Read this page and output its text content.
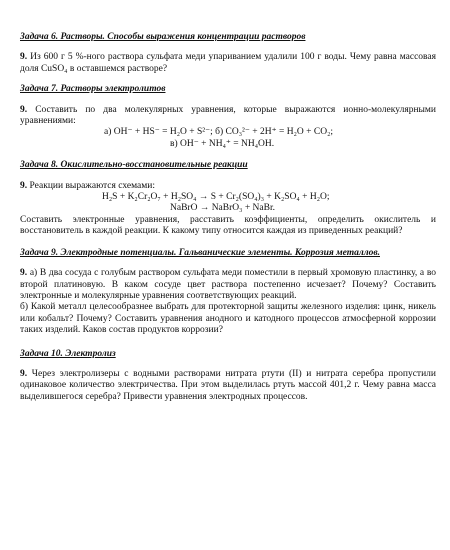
Задача 6. Растворы. Способы выражения концентрации растворов

9. Из 600 г 5 %-ного раствора сульфата меди упариванием удалили 100 г воды. Чему равна массовая доля CuSO₄ в оставшемся растворе?

Задача 7. Растворы электролитов

9. Составить по два молекулярных уравнения, которые выражаются ионно-молекулярными уравнениями:

а) OH⁻ + HS⁻ = H₂O + S²⁻; б) CO₃²⁻ + 2H⁺ = H₂O + CO₂;
в) OH⁻ + NH₄⁺ = NH₄OH.
Задача 8. Окислительно-восстановительные реакции

9. Реакции выражаются схемами:

H₂S + K₂Cr₂O₇ + H₂SO₄ → S + Cr₂(SO₄)₃ + K₂SO₄ + H₂O;
NaBrO → NaBrO₃ + NaBr.

Составить электронные уравнения, расставить коэффициенты, определить окислитель и восстановитель в каждой реакции. К какому типу относится каждая из приведенных реакций?

Задача 9. Электродные потенциалы. Гальванические элементы. Коррозия металлов.

9. а) В два сосуда с голубым раствором сульфата меди поместили в первый хромовую пластинку, а во второй платиновую. В каком сосуде цвет раствора постепенно исчезает? Почему? Составить электронные и молекулярные уравнения соответствующих реакций.

б) Какой металл целесообразнее выбрать для протекторной защиты железного изделия: цинк, никель или кобальт? Почему? Составить уравнения анодного и катодного процессов атмосферной коррозии таких изделий. Каков состав продуктов коррозии?

Задача 10. Электролиз

9. Через электролизеры с водными растворами нитрата ртути (II) и нитрата серебра пропустили одинаковое количество электричества. При этом выделилась ртуть массой 401,2 г. Чему равна масса выделившегося серебра? Привести уравнения электродных процессов.
